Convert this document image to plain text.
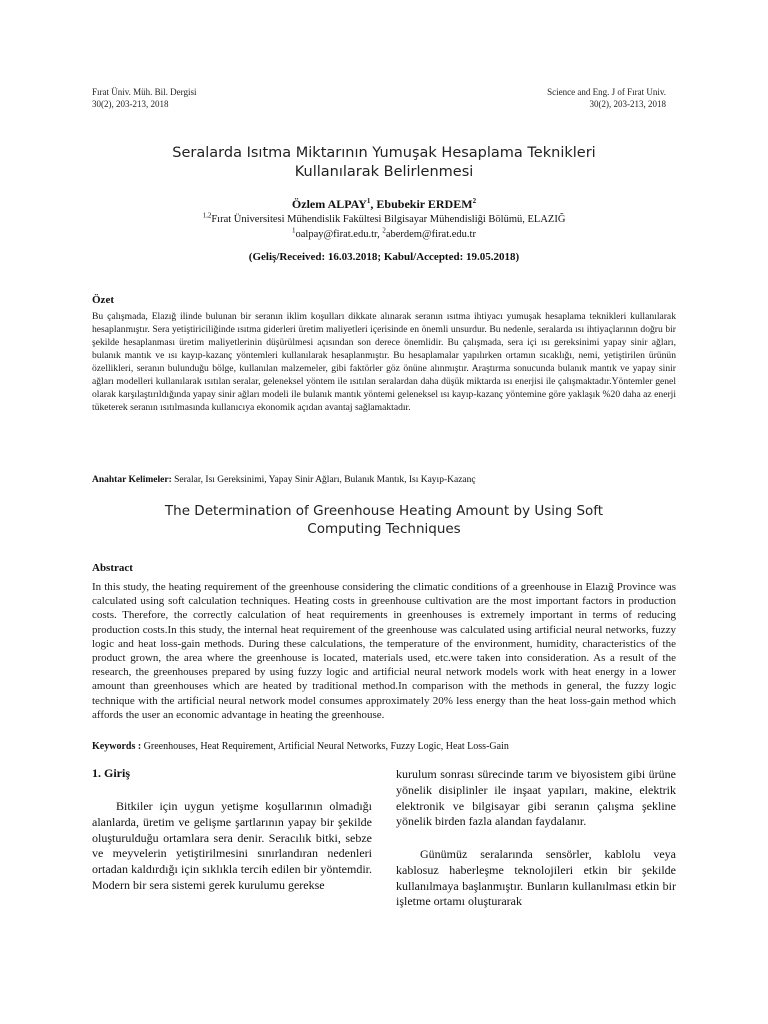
Fırat Üniv. Müh. Bil. Dergisi
30(2), 203-213, 2018
Science and Eng. J of Fırat Univ.
30(2), 203-213, 2018
Seralarda Isıtma Miktarının Yumuşak Hesaplama Teknikleri
Kullanılarak Belirlenmesi
Özlem ALPAY$^1$, Ebubekir ERDEM$^2$
$^{1,2}$Fırat Üniversitesi Mühendislik Fakültesi Bilgisayar Mühendisliği Bölümü, ELAZIĞ
$^1$oalpay@firat.edu.tr, $^2$aberdem@firat.edu.tr
(Geliş/Received: 16.03.2018; Kabul/Accepted: 19.05.2018)
Özet

Bu çalışmada, Elazığ ilinde bulunan bir seranın iklim koşulları dikkate alınarak seranın ısıtma ihtiyacı yumuşak hesaplama teknikleri kullanılarak hesaplanmıştır. Sera yetiştiriciliğinde ısıtma giderleri üretim maliyetleri içerisinde en önemli unsurdur. Bu nedenle, seralarda ısı ihtiyaçlarının doğru bir şekilde hesaplanması üretim maliyetlerinin düşürülmesi açısından son derece önemlidir. Bu çalışmada, sera içi ısı gereksinimi yapay sinir ağları, bulanık mantık ve ısı kayıp-kazanç yöntemleri kullanılarak hesaplanmıştır. Bu hesaplamalar yapılırken ortamın sıcaklığı, nemi, yetiştirilen ürünün özellikleri, seranın bulunduğu bölge, kullanılan malzemeler, gibi faktörler göz önüne alınmıştır. Araştırma sonucunda bulanık mantık ve yapay sinir ağları modelleri kullanılarak ısıtılan seralar, geleneksel yöntem ile ısıtılan seralardan daha düşük miktarda ısı enerjisi ile çalışmaktadır.Yöntemler genel olarak karşılaştırıldığında yapay sinir ağları modeli ile bulanık mantık yöntemi geleneksel ısı kayıp-kazanç yöntemine göre yaklaşık %20 daha az enerji tüketerek seranın ısıtılmasında kullanıcıya ekonomik açıdan avantaj sağlamaktadır.

Anahtar Kelimeler: Seralar, Isı Gereksinimi, Yapay Sinir Ağları, Bulanık Mantık, Isı Kayıp-Kazanç
The Determination of Greenhouse Heating Amount by Using Soft
Computing Techniques
Abstract

In this study, the heating requirement of the greenhouse considering the climatic conditions of a greenhouse in Elazığ Province was calculated using soft calculation techniques. Heating costs in greenhouse cultivation are the most important factors in production costs. Therefore, the correctly calculation of heat requirements in greenhouses is extremely important in terms of reducing production costs.In this study, the internal heat requirement of the greenhouse was calculated using artificial neural networks, fuzzy logic and heat loss-gain methods. During these calculations, the temperature of the environment, humidity, characteristics of the product grown, the area where the greenhouse is located, materials used, etc.were taken into consideration. As a result of the research, the greenhouses prepared by using fuzzy logic and artificial neural network models work with heat energy in a lower amount than greenhouses which are heated by traditional method.In comparison with the methods in general, the fuzzy logic technique with the artificial neural network model consumes approximately 20% less energy than the heat loss-gain method which affords the user an economic advantage in heating the greenhouse.

Keywords : Greenhouses, Heat Requirement, Artificial Neural Networks, Fuzzy Logic, Heat Loss-Gain
1. Giriş

Bitkiler için uygun yetişme koşullarının olmadığı alanlarda, üretim ve gelişme şartlarının yapay bir şekilde oluşturulduğu ortamlara sera denir. Seracılık bitki, sebze ve meyvelerin yetiştirilmesini sınırlandıran nedenleri ortadan kaldırdığı için sıklıkla tercih edilen bir yöntemdir. Modern bir sera sistemi gerek kurulumu gerekse

kurulum sonrası sürecinde tarım ve biyosistem gibi ürüne yönelik disiplinler ile inşaat yapıları, makine, elektrik elektronik ve bilgisayar gibi seranın çalışma şekline yönelik birden fazla alandan faydalanır.

Günümüz seralarında sensörler, kablolu veya kablosuz haberleşme teknolojileri etkin bir şekilde kullanılmaya başlanmıştır. Bunların kullanılması etkin bir işletme ortamı oluşturarak
